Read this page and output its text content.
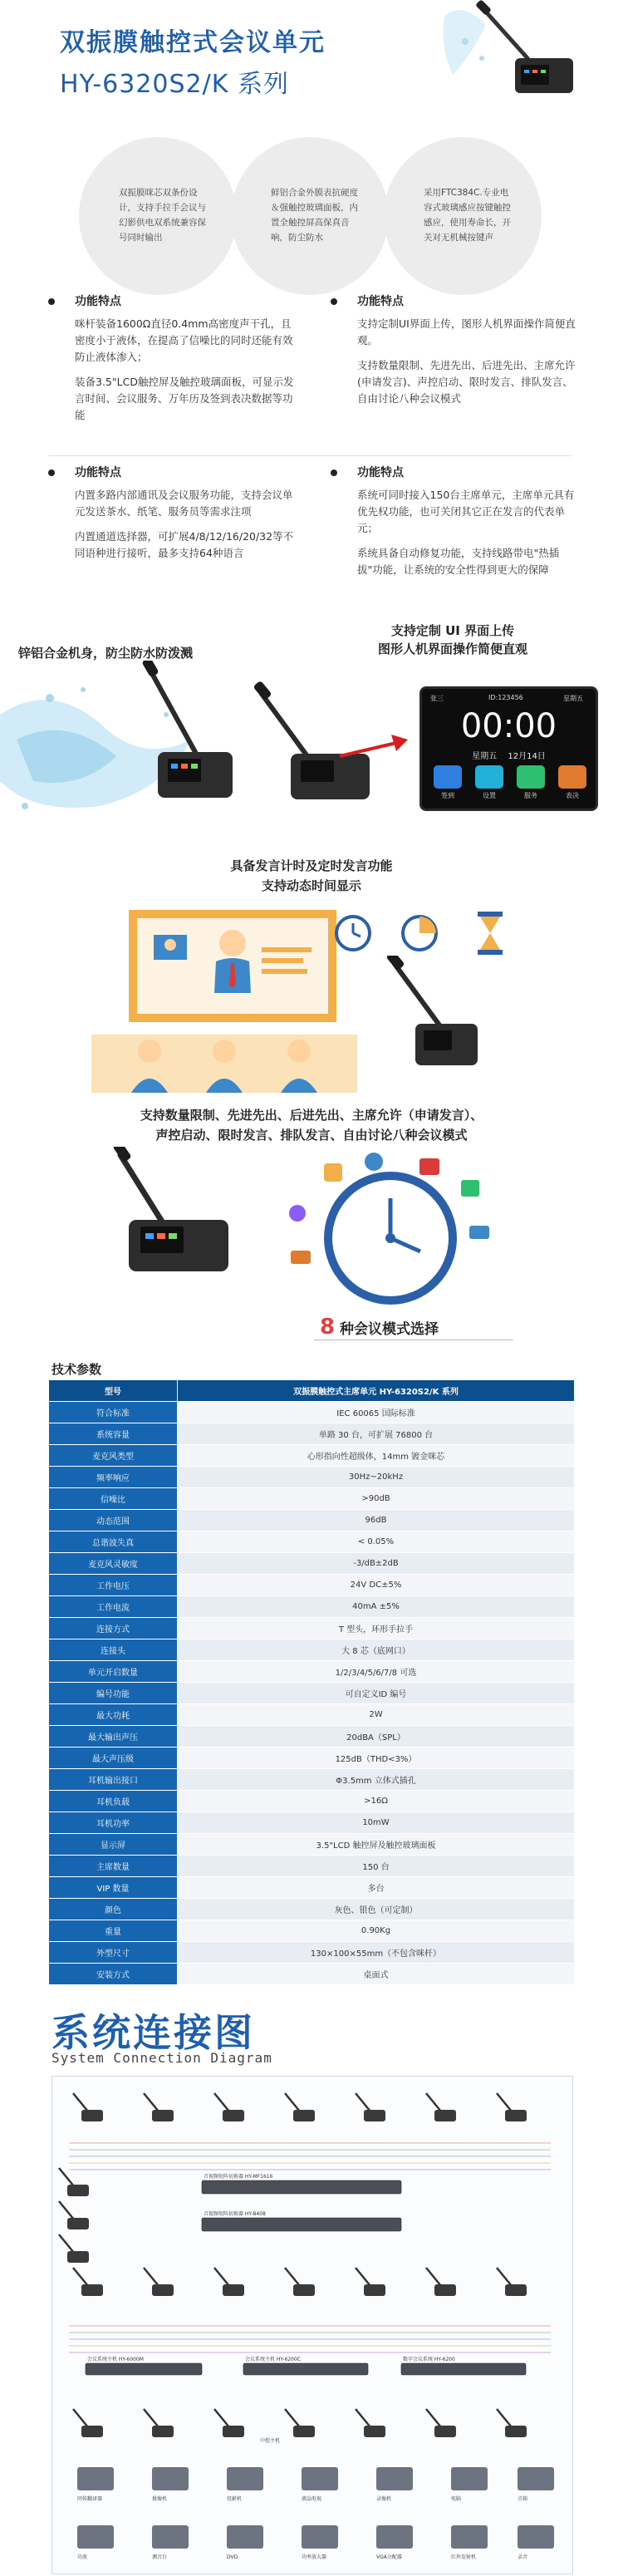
双振膜触控式会议单元
HY-6320S2/K 系列

双振膜咪芯双条份设计，支持手拉手会议与幻影供电双系统兼容保号同时输出

鲜铝合金外膜表抗硬度＆强触控玻璃面板，内置全触控屏高保真音响，防尘防水

采用FTC384C.专业电容式玻璃感应按键触控感应，使用寿命长，开关对无机械按键声

功能特点

咪杆装备1600Ω直径0.4mm高密度声干孔，且密度小于液体，在提高了信噪比的同时还能有效防止液体渗入；

装备3.5"LCD触控屏及触控玻璃面板，可显示发言时间、会议服务、万年历及签到表决数据等功能

功能特点

支持定制UI界面上传，图形人机界面操作简便直观。

支持数量限制、先进先出、后进先出、主席允许(申请发言)、声控启动、限时发言、排队发言、自由讨论八种会议模式

功能特点

内置多路内部通讯及会议服务功能，支持会议单元发送茶水、纸笔、服务员等需求注项

内置通道选择器，可扩展4/8/12/16/20/32等不同语种进行接听，最多支持64种语言

功能特点

系统可同时接入150台主席单元，主席单元具有优先权功能，也可关闭其它正在发言的代表单元；

系统具备自动修复功能，支持线路带电"热插拔"功能，让系统的安全性得到更大的保障

锌铝合金机身，防尘防水防泼溅
支持定制 UI 界面上传
图形人机界面操作简便直观
张三	ID:123456	星期五
00:00
星期五 12月14日
签到	设置	服务	表决
具备发言计时及定时发言功能
支持动态时间显示
支持数量限制、先进先出、后进先出、主席允许（申请发言）、
声控启动、限时发言、排队发言、自由讨论八种会议模式
8 种会议模式选择
技术参数
型号	双振膜触控式主席单元 HY-6320S2/K 系列
符合标准	IEC 60065 国际标准
系统容量	单路 30 台，可扩展 76800 台
麦克风类型	心形指向性超级体，14mm 镀金咪芯
频率响应	30Hz~20kHz
信噪比	>90dB
动态范围	96dB
总谐波失真	< 0.05%
麦克风灵敏度	-3/dB±2dB
工作电压	24V DC±5%
工作电流	40mA ±5%
连接方式	T 型头，环形手拉手
连接头	大 8 芯（底网口）
单元开启数量	1/2/3/4/5/6/7/8 可选
编号功能	可自定义ID 编号
最大功耗	2W
最大输出声压	20dBA（SPL）
最大声压级	125dB（THD<3%）
耳机输出接口	Φ3.5mm 立体式插孔
耳机负载	>16Ω
耳机功率	10mW
显示屏	3.5"LCD 触控屏及触控玻璃面板
主席数量	150 台
VIP 数量	多台
颜色	灰色、银色（可定制）
重量	0.90Kg
外型尺寸	130×100×55mm（不包含咪杆）
安装方式	桌面式
系统连接图
System Connection Diagram
音视频矩阵切换器 HY-MF1616
音视频矩阵切换器 HY-8408
会议系统主机 HY-6000M	会议系统主机 HY-6200C	数字会议系统 HY-6200
同传翻译器	摄像机	投影机	液晶电视	录像机	电脑	音箱
功放	调音台	DVD	功率放大器	VGA分配器	红外发射机	录音
中控主机
